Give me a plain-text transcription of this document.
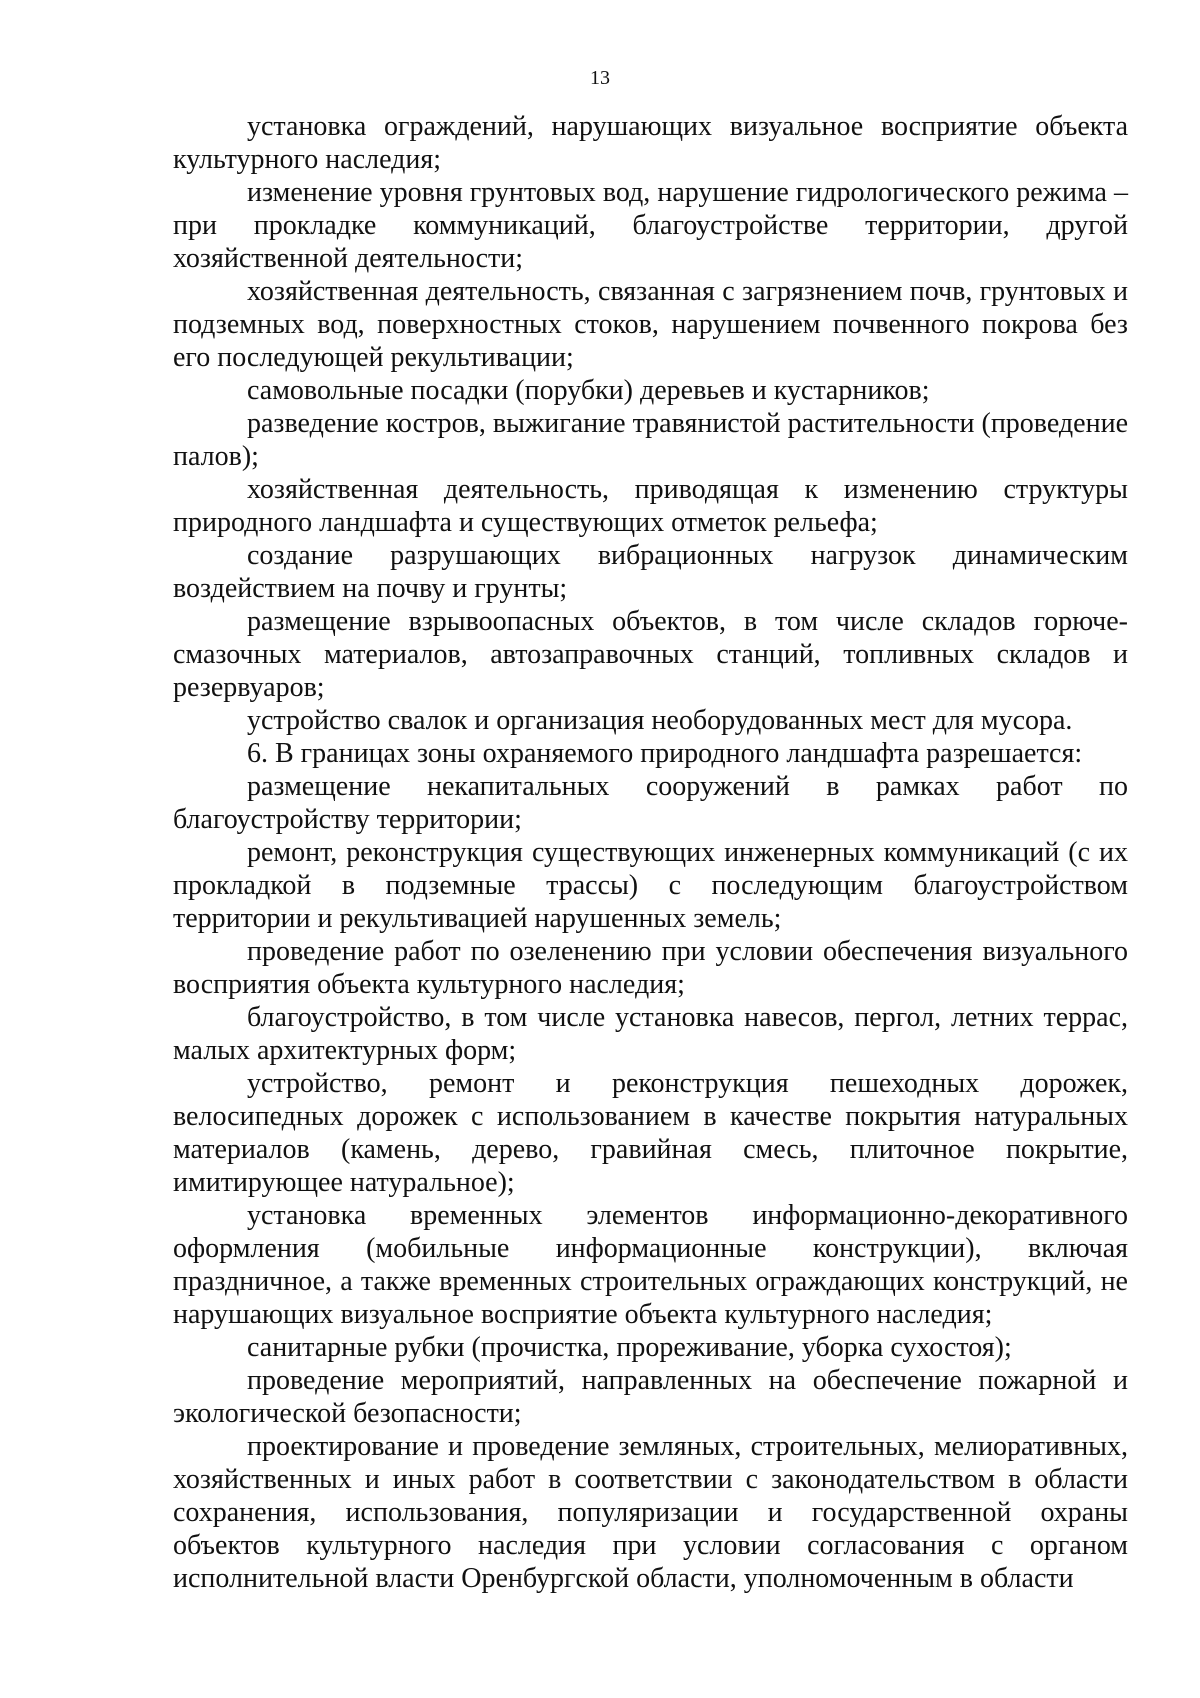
13

установка ограждений, нарушающих визуальное восприятие объекта культурного наследия;

изменение уровня грунтовых вод, нарушение гидрологического режима – при прокладке коммуникаций, благоустройстве территории, другой хозяйственной деятельности;

хозяйственная деятельность, связанная с загрязнением почв, грунтовых и подземных вод, поверхностных стоков, нарушением почвенного покрова без его последующей рекультивации;

самовольные посадки (порубки) деревьев и кустарников;

разведение костров, выжигание травянистой растительности (проведение палов);

хозяйственная деятельность, приводящая к изменению структуры природного ландшафта и существующих отметок рельефа;

создание разрушающих вибрационных нагрузок динамическим воздействием на почву и грунты;

размещение взрывоопасных объектов, в том числе складов горюче-смазочных материалов, автозаправочных станций, топливных складов и резервуаров;

устройство свалок и организация необорудованных мест для мусора.

6. В границах зоны охраняемого природного ландшафта разрешается:

размещение некапитальных сооружений в рамках работ по благоустройству территории;

ремонт, реконструкция существующих инженерных коммуникаций (с их прокладкой в подземные трассы) с последующим благоустройством территории и рекультивацией нарушенных земель;

проведение работ по озеленению при условии обеспечения визуального восприятия объекта культурного наследия;

благоустройство, в том числе установка навесов, пергол, летних террас, малых архитектурных форм;

устройство, ремонт и реконструкция пешеходных дорожек, велосипедных дорожек с использованием в качестве покрытия натуральных материалов (камень, дерево, гравийная смесь, плиточное покрытие, имитирующее натуральное);

установка временных элементов информационно-декоративного оформления (мобильные информационные конструкции), включая праздничное, а также временных строительных ограждающих конструкций, не нарушающих визуальное восприятие объекта культурного наследия;

санитарные рубки (прочистка, прореживание, уборка сухостоя);

проведение мероприятий, направленных на обеспечение пожарной и экологической безопасности;

проектирование и проведение земляных, строительных, мелиоративных, хозяйственных и иных работ в соответствии с законодательством в области сохранения, использования, популяризации и государственной охраны объектов культурного наследия при условии согласования с органом исполнительной власти Оренбургской области, уполномоченным в области
